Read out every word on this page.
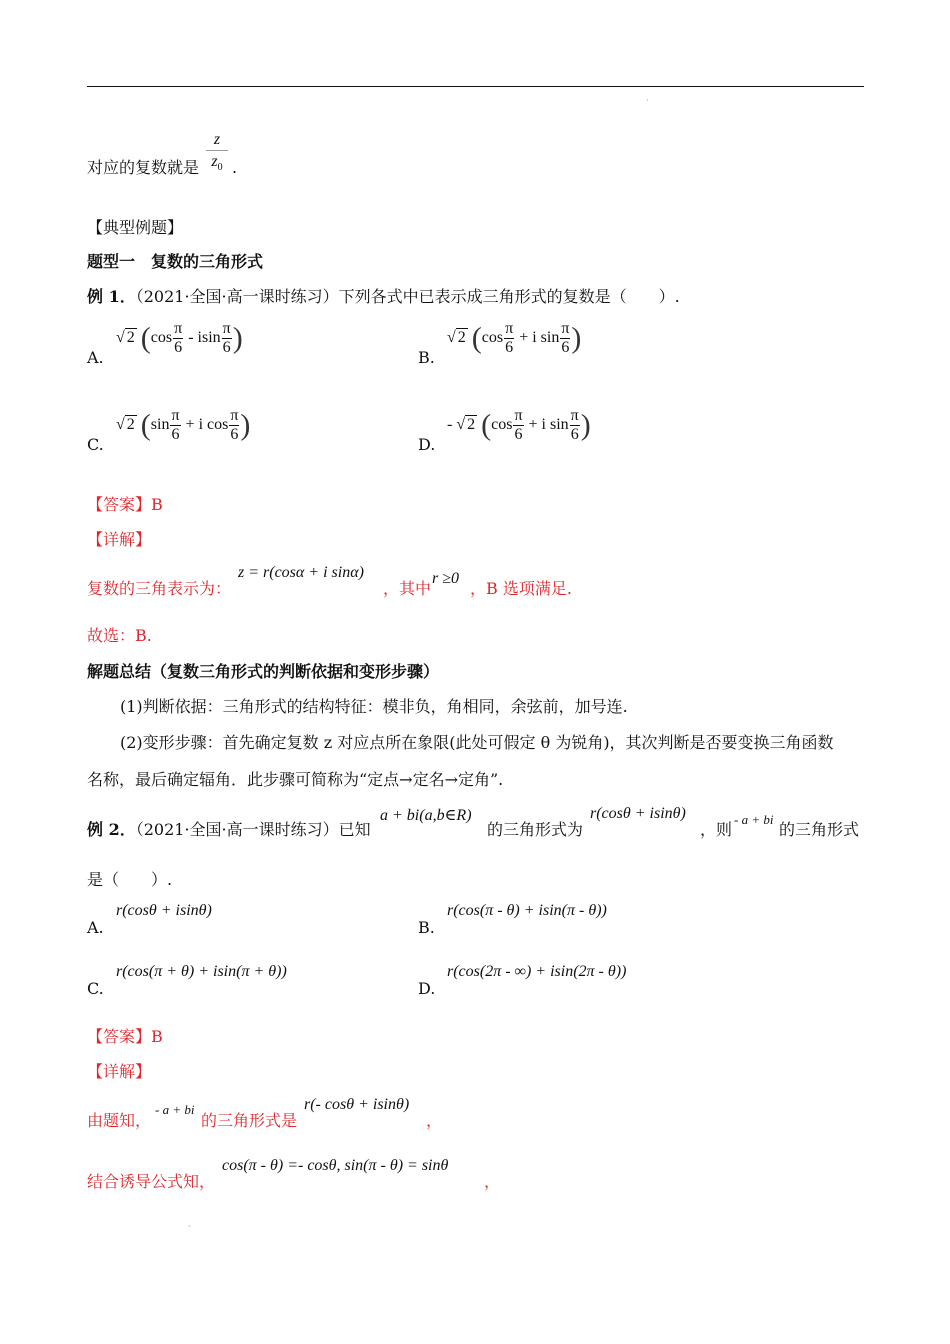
·
对应的复数就是
z
$z_0$ .
【典型例题】
题型一　复数的三角形式
例 1．（2021·全国·高一课时练习）下列各式中已表示成三角形式的复数是（　　）.
A.
√ 2 ($\cos \frac{\pi}{6}$ - isin $\frac{\pi}{6}$ )
B.
√ 2 ($\cos \frac{\pi}{6} + i$ $\sin \frac{\pi}{6}$ )
C.
√ 2 ($\sin \frac{\pi}{6} + i$ $\cos \frac{\pi}{6}$ )
D.
- √ 2 ($\cos \frac{\pi}{6} + i$ $\sin \frac{\pi}{6}$ )
【答案】B
【详解】
复数的三角表示为：
z = r(cosα + i sinα)
，其中
r ≥0
，B 选项满足.
故选：B.
解题总结（复数三角形式的判断依据和变形步骤）
(1)判断依据：三角形式的结构特征：模非负，角相同，余弦前，加号连.
(2)变形步骤：首先确定复数 z 对应点所在象限(此处可假定 θ 为锐角)，其次判断是否要变换三角函数
名称，最后确定辐角．此步骤可简称为“定点→定名→定角”.
例 2．（2021·全国·高一课时练习）已知
a + bi(a,b∈R)
的三角形式为
r(cosθ + isinθ)
，则
- a + bi
的三角形式
是（　　）.
A.
r(cosθ + isinθ)
B.
r(cos(π - θ) + isin(π - θ))
C.
r(cos(π + θ) + isin(π + θ))
D.
r(cos(2π - ∞) + isin(2π - θ))
【答案】B
【详解】
由题知，
- a + bi
的三角形式是
r(- cosθ + isinθ)
，
结合诱导公式知，
cos(π - θ) =- cosθ, sin(π - θ) = sinθ
，
·
